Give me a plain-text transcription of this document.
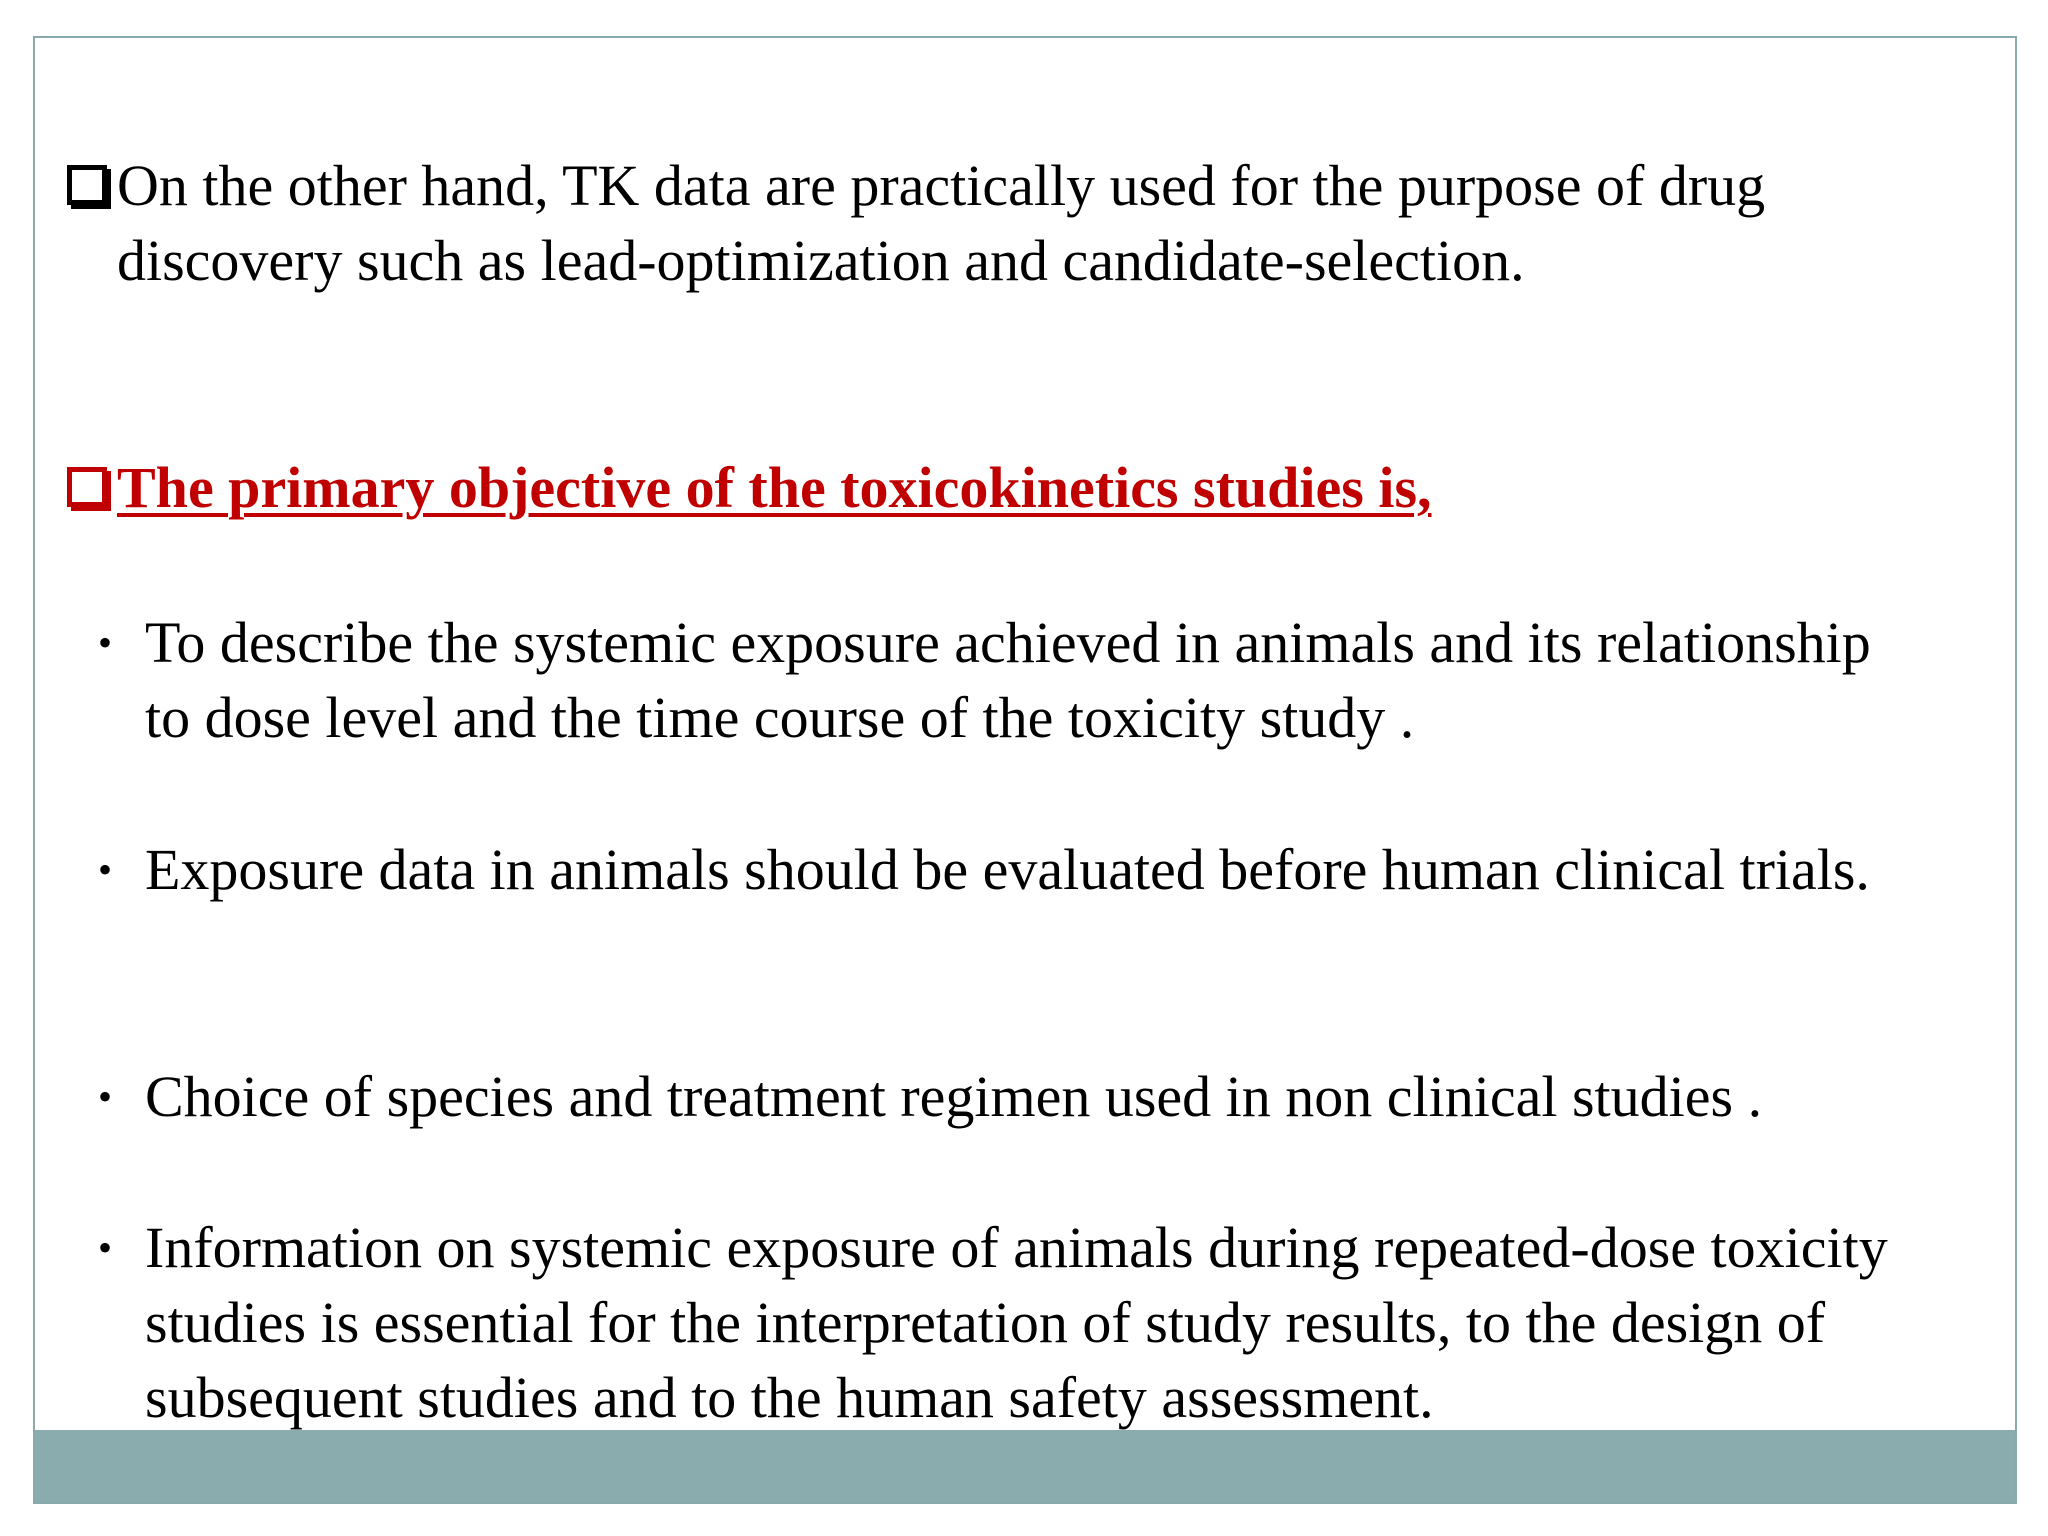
On the other hand, TK data are practically used for the purpose of drug discovery such as lead-optimization and candidate-selection.
The primary objective of the toxicokinetics studies is,
• To describe the systemic exposure achieved in animals and its relationship to dose level and the time course of the toxicity study .
• Exposure data in animals should be evaluated before human clinical trials.
• Choice of species and treatment regimen used in non clinical studies .
• Information on systemic exposure of animals during repeated-dose toxicity studies is essential for the interpretation of study results, to the design of subsequent studies and to the human safety assessment.
